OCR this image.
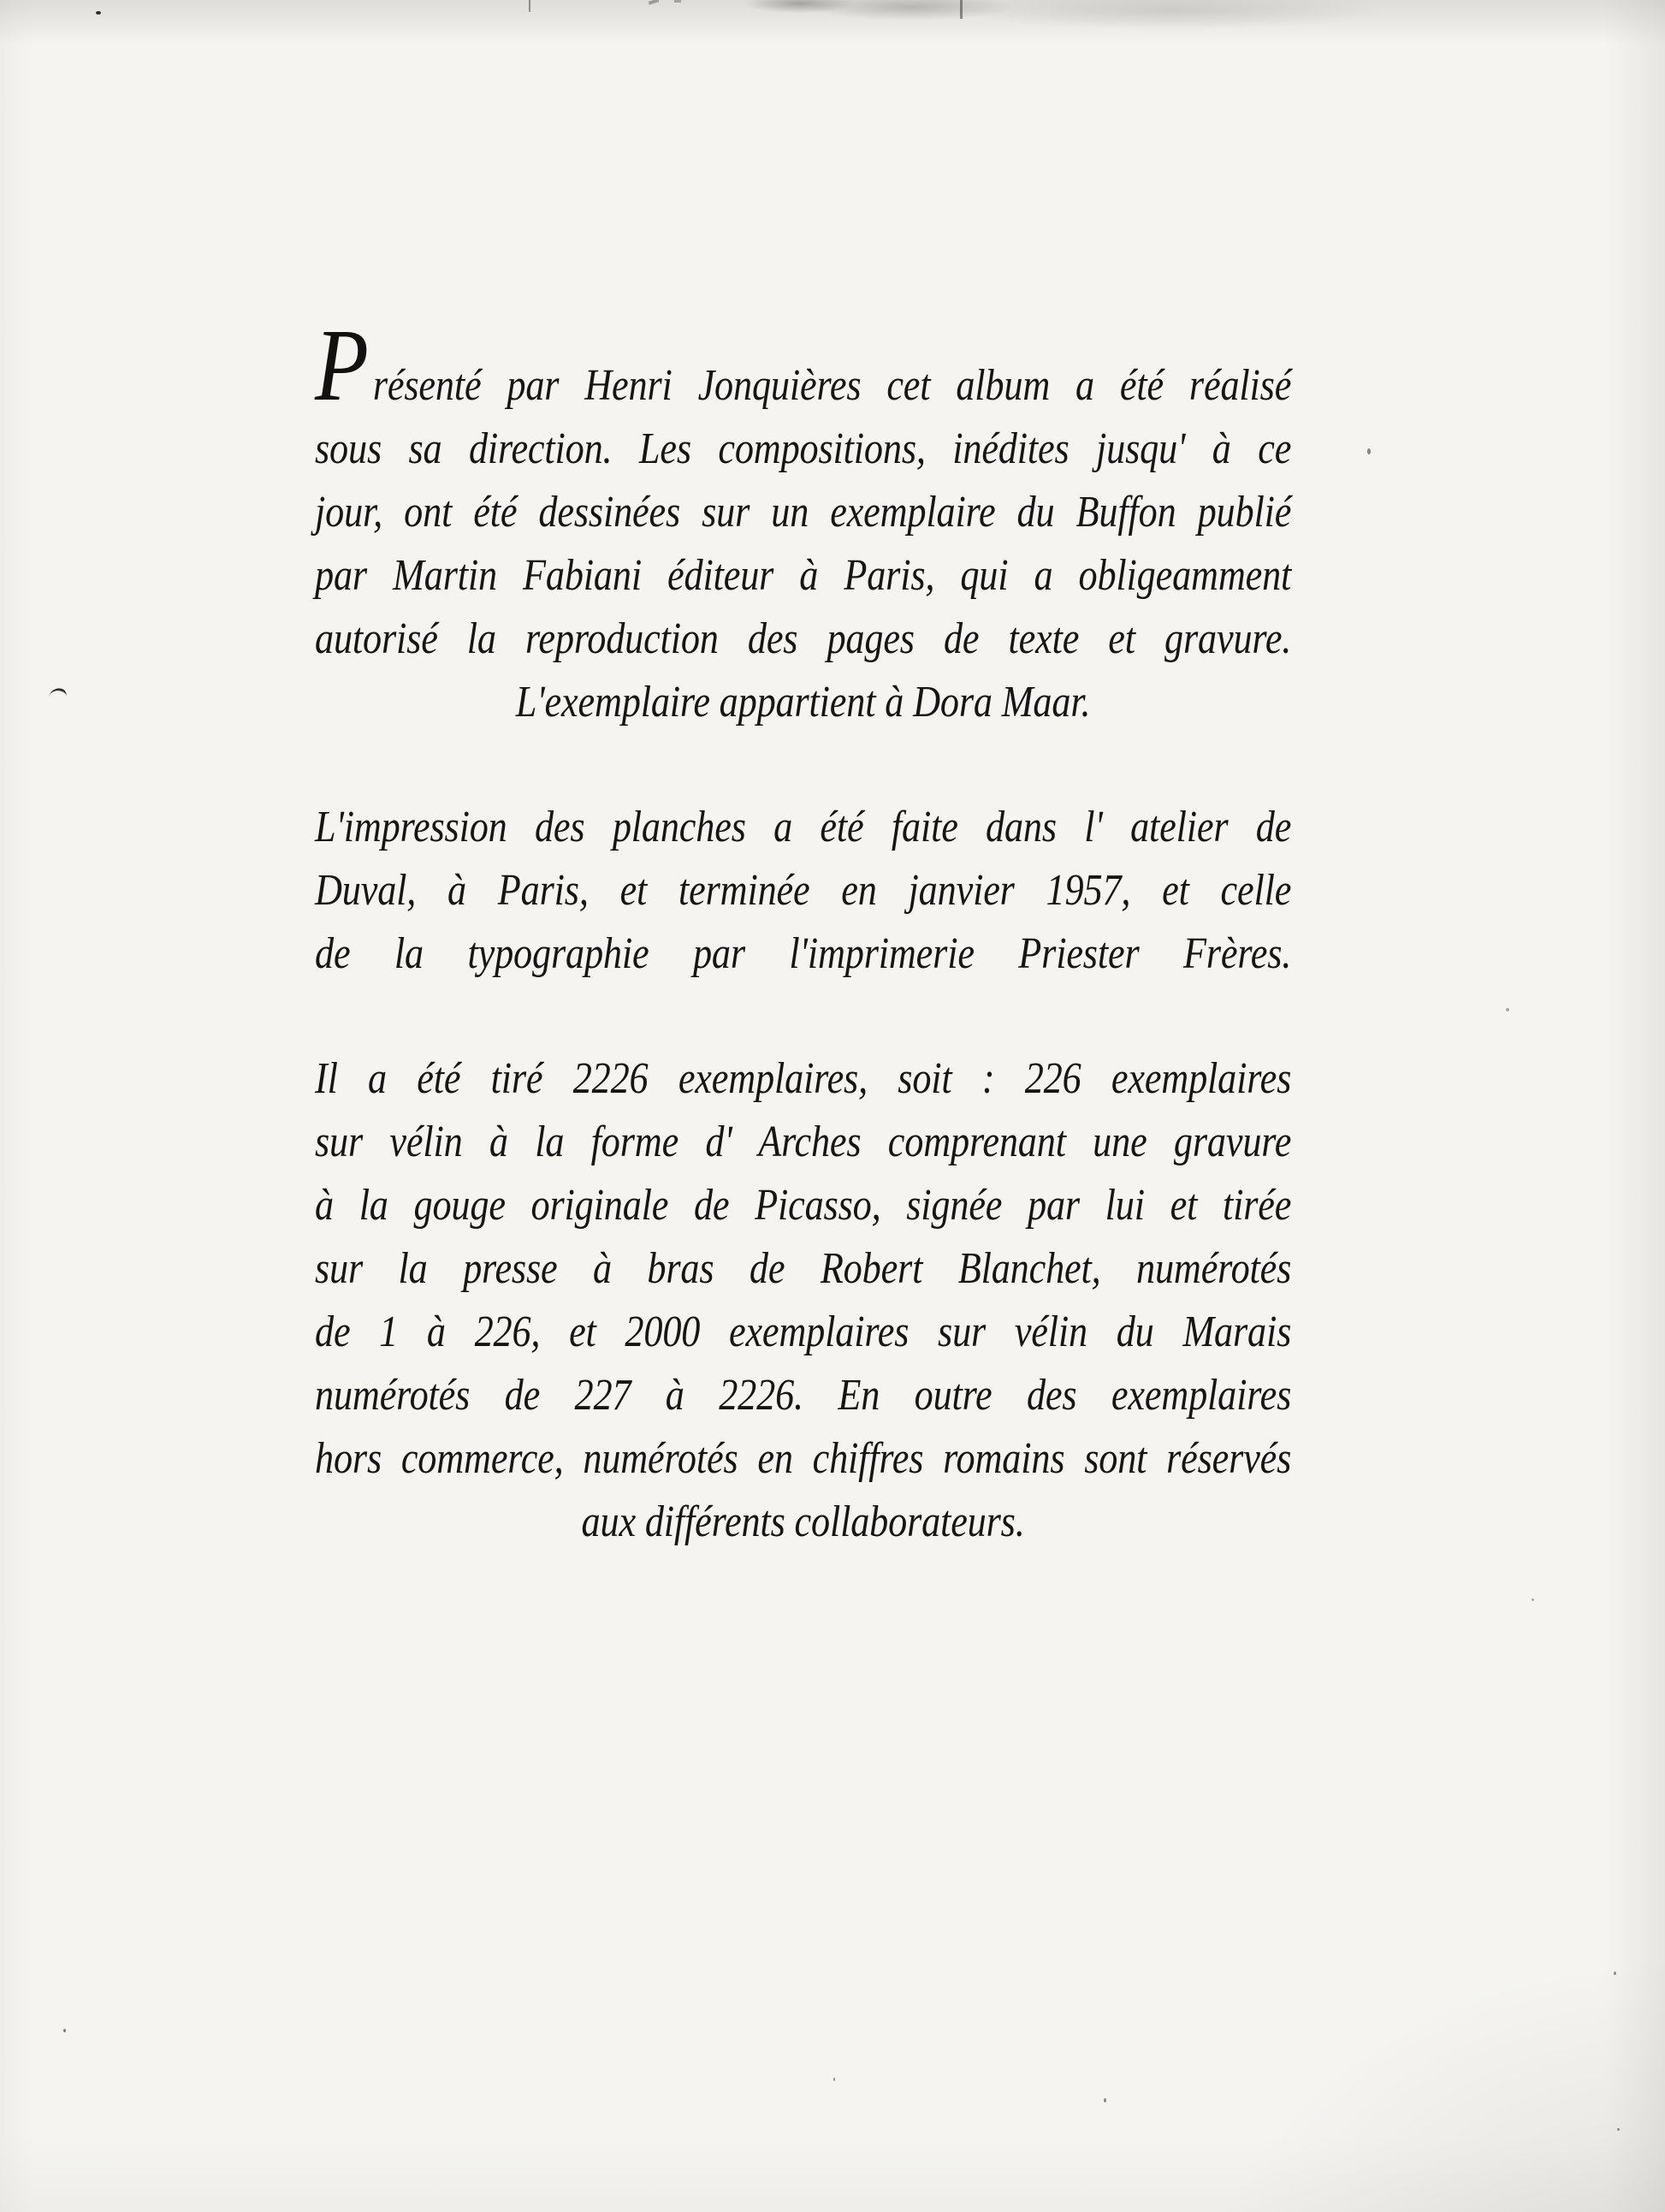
Présenté par Henri Jonquières cet album a été réalisé
sous sa direction. Les compositions, inédites jusqu' à ce
jour, ont été dessinées sur un exemplaire du Buffon publié
par Martin Fabiani éditeur à Paris, qui a obligeamment
autorisé la reproduction des pages de texte et gravure.
L'exemplaire appartient à Dora Maar.
L'impression des planches a été faite dans l' atelier de
Duval, à Paris, et terminée en janvier 1957, et celle
de la typographie par l'imprimerie Priester Frères.
Il a été tiré 2226 exemplaires, soit : 226 exemplaires
sur vélin à la forme d' Arches comprenant une gravure
à la gouge originale de Picasso, signée par lui et tirée
sur la presse à bras de Robert Blanchet, numérotés
de 1 à 226, et 2000 exemplaires sur vélin du Marais
numérotés de 227 à 2226. En outre des exemplaires
hors commerce, numérotés en chiffres romains sont réservés
aux différents collaborateurs.
